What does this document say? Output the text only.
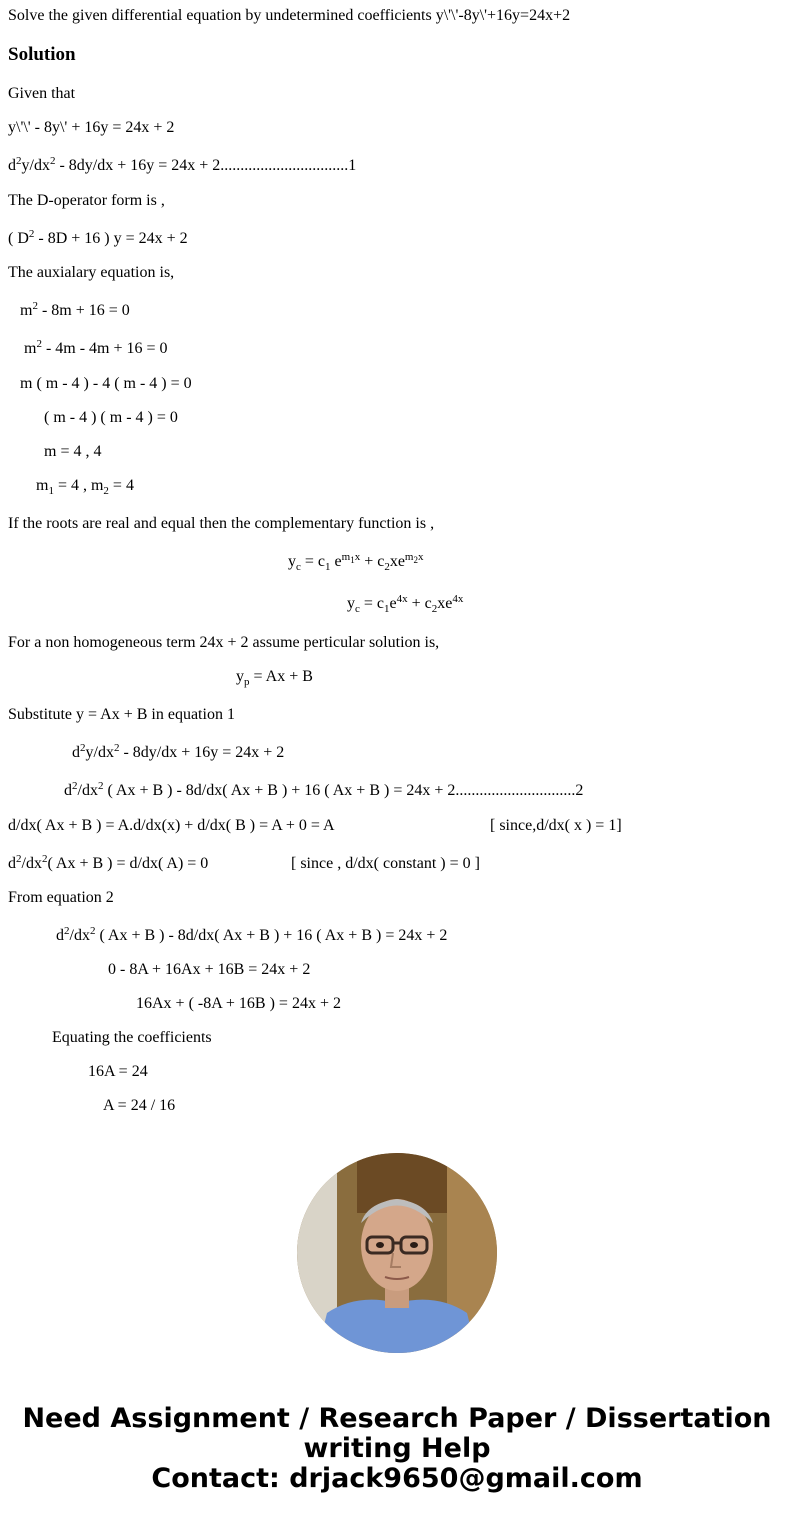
Solve the given differential equation by undetermined coefficients y\'\'-8y\'+16y=24x+2
Solution
Given that
y\'\' - 8y\' + 16y = 24x + 2
$d^2y/dx^2 - 8dy/dx + 16y = 24x + 2................................1$
The D-operator form is ,
( $D^2 - 8D + 16$ ) y = 24x + 2
The auxialary equation is,
$m^2 - 8m + 16 = 0$
$m^2 - 4m - 4m + 16 = 0$
m ( m - 4 ) - 4 ( m - 4 ) = 0
( m - 4 ) ( m - 4 ) = 0
m = 4 , 4
$m_1 = 4$ , $m_2 = 4$
If the roots are real and equal then the complementary function is ,
$y_c = c_1$ $e^{m_1x} + c_2xe^{m_2x}$
$y_c = c_1e^{4x} + c_2xe^{4x}$
For a non homogeneous term 24x + 2 assume perticular solution is,
$y_p = Ax + B$
Substitute y = Ax + B in equation 1
$d^2y/dx^2 - 8dy/dx + 16y = 24x + 2$
$d^2/dx^2$ ( Ax + B ) - 8d/dx( Ax + B ) + 16 ( Ax + B ) = 24x + 2..............................2
d/dx( Ax + B ) = A.d/dx(x) + d/dx( B ) = A + 0 = A	[ since,d/dx( x ) = 1]
$d^2/dx^2$( Ax + B ) = d/dx( A) = 0	[ since , d/dx( constant ) = 0 ]
From equation 2
$d^2/dx^2$ ( Ax + B ) - 8d/dx( Ax + B ) + 16 ( Ax + B ) = 24x + 2
0 - 8A + 16Ax + 16B = 24x + 2
16Ax + ( -8A + 16B ) = 24x + 2
Equating the coefficients
16A = 24
A = 24 / 16
Need Assignment / Research Paper / Dissertation
writing Help
Contact: drjack9650@gmail.com
